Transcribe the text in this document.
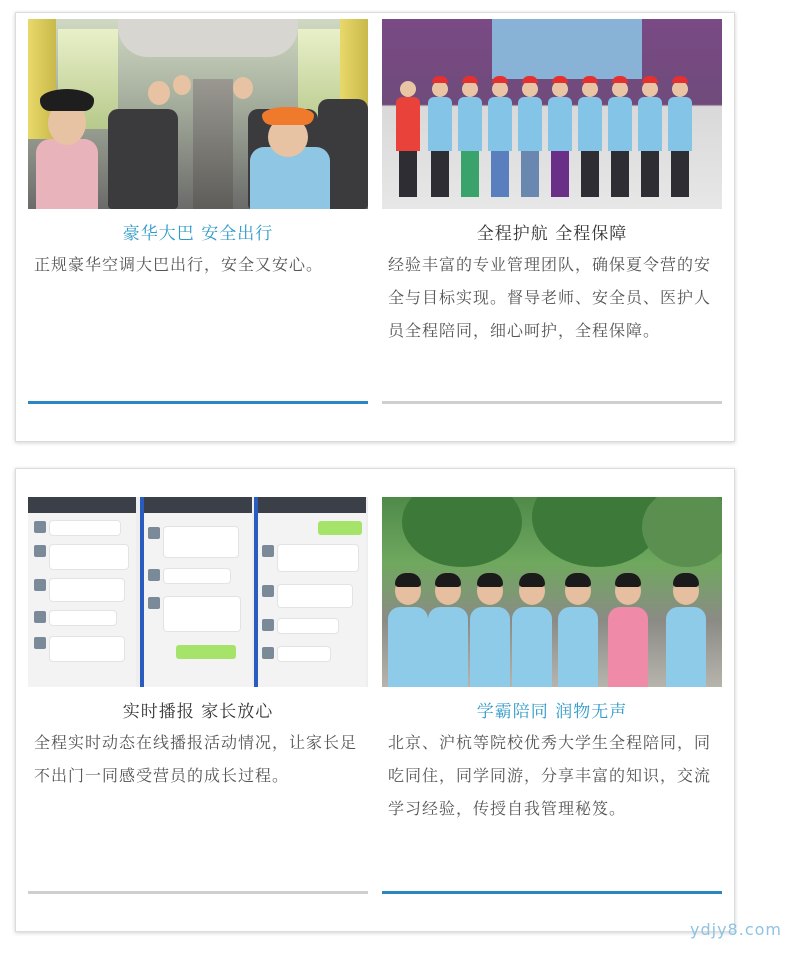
豪华大巴 安全出行

正规豪华空调大巴出行，安全又安心。

全程护航 全程保障

经验丰富的专业管理团队，确保夏令营的安全与目标实现。督导老师、安全员、医护人员全程陪同，细心呵护，全程保障。

实时播报 家长放心

全程实时动态在线播报活动情况，让家长足不出门一同感受营员的成长过程。

学霸陪同 润物无声

北京、沪杭等院校优秀大学生全程陪同，同吃同住，同学同游，分享丰富的知识，交流学习经验，传授自我管理秘笈。

ydjy8.com
